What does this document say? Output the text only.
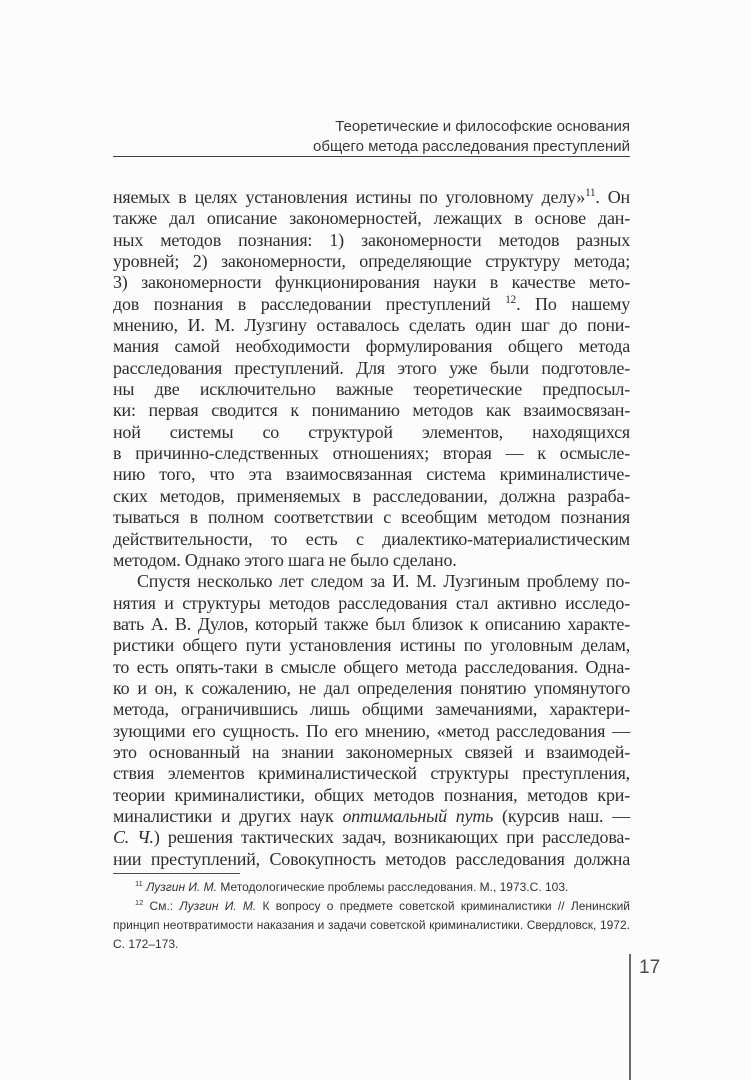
Теоретические и философские основания
общего метода расследования преступлений
няемых в целях установления истины по уголовному делу»$^{11}$. Он
также дал описание закономерностей, лежащих в основе дан-
ных методов познания: 1) закономерности методов разных
уровней; 2) закономерности, определяющие структуру метода;
3) закономерности функционирования науки в качестве мето-
дов познания в расследовании преступлений $^{12}$. По нашему
мнению, И. М. Лузгину оставалось сделать один шаг до пони-
мания самой необходимости формулирования общего метода
расследования преступлений. Для этого уже были подготовле-
ны две исключительно важные теоретические предпосыл-
ки: первая сводится к пониманию методов как взаимосвязан-
ной системы со структурой элементов, находящихся
в причинно-следственных отношениях; вторая — к осмысле-
нию того, что эта взаимосвязанная система криминалистиче-
ских методов, применяемых в расследовании, должна разраба-
тываться в полном соответствии с всеобщим методом познания
действительности, то есть с диалектико-материалистическим
методом. Однако этого шага не было сделано.
Спустя несколько лет следом за И. М. Лузгиным проблему по-
нятия и структуры методов расследования стал активно исследо-
вать А. В. Дулов, который также был близок к описанию характе-
ристики общего пути установления истины по уголовным делам,
то есть опять-таки в смысле общего метода расследования. Одна-
ко и он, к сожалению, не дал определения понятию упомянутого
метода, ограничившись лишь общими замечаниями, характери-
зующими его сущность. По его мнению, «метод расследования —
это основанный на знании закономерных связей и взаимодей-
ствия элементов криминалистической структуры преступления,
теории криминалистики, общих методов познания, методов кри-
миналистики и других наук оптимальный путь (курсив наш. —
С. Ч.) решения тактических задач, возникающих при расследова-
нии преступлений, Совокупность методов расследования должна
$^{11}$ Лузгин И. М. Методологические проблемы расследования. М., 1973.С. 103.
$^{12}$ См.: Лузгин И. М. К вопросу о предмете советской криминалистики // Ленинский
принцип неотвратимости наказания и задачи советской криминалистики. Свердловск, 1972.
С. 172–173.
17
